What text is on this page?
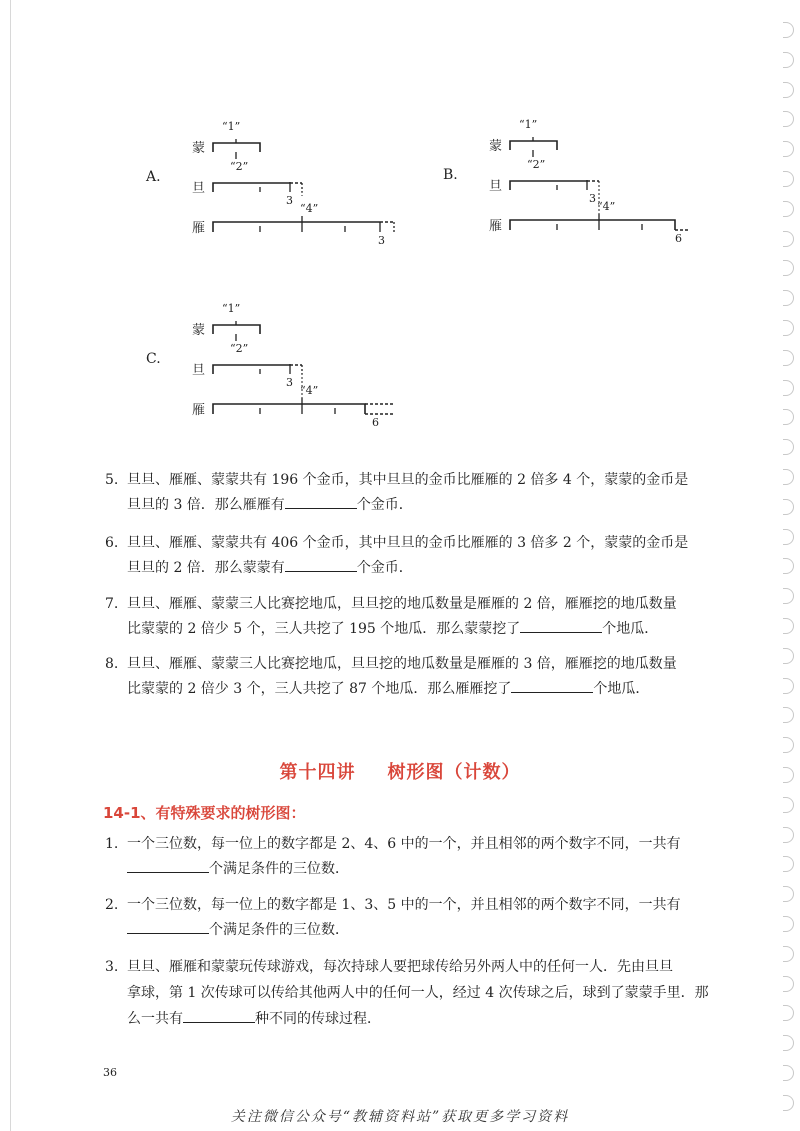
A.
“1”
蒙
“2”
旦
3
“4”
雁
3
B.
“1”
蒙
“2”
旦
3
“4”
雁
6
C.
“1”
蒙
“2”
旦
3
“4”
雁
6
5. 旦旦、雁雁、蒙蒙共有 196 个金币，其中旦旦的金币比雁雁的 2 倍多 4 个，蒙蒙的金币是
旦旦的 3 倍．那么雁雁有	个金币．
6. 旦旦、雁雁、蒙蒙共有 406 个金币，其中旦旦的金币比雁雁的 3 倍多 2 个，蒙蒙的金币是
旦旦的 2 倍．那么蒙蒙有	个金币．
7. 旦旦、雁雁、蒙蒙三人比赛挖地瓜，旦旦挖的地瓜数量是雁雁的 2 倍，雁雁挖的地瓜数量
比蒙蒙的 2 倍少 5 个，三人共挖了 195 个地瓜．那么蒙蒙挖了	个地瓜．
8. 旦旦、雁雁、蒙蒙三人比赛挖地瓜，旦旦挖的地瓜数量是雁雁的 3 倍，雁雁挖的地瓜数量
比蒙蒙的 2 倍少 3 个，三人共挖了 87 个地瓜．那么雁雁挖了	个地瓜．
第十四讲 树形图（计数）
14-1、有特殊要求的树形图：
1. 一个三位数，每一位上的数字都是 2、4、6 中的一个，并且相邻的两个数字不同，一共有
个满足条件的三位数．
2. 一个三位数，每一位上的数字都是 1、3、5 中的一个，并且相邻的两个数字不同，一共有
个满足条件的三位数．
3. 旦旦、雁雁和蒙蒙玩传球游戏，每次持球人要把球传给另外两人中的任何一人．先由旦旦
拿球，第 1 次传球可以传给其他两人中的任何一人，经过 4 次传球之后，球到了蒙蒙手里．那
么一共有	种不同的传球过程．
36
关注微信公众号“教辅资料站”获取更多学习资料
